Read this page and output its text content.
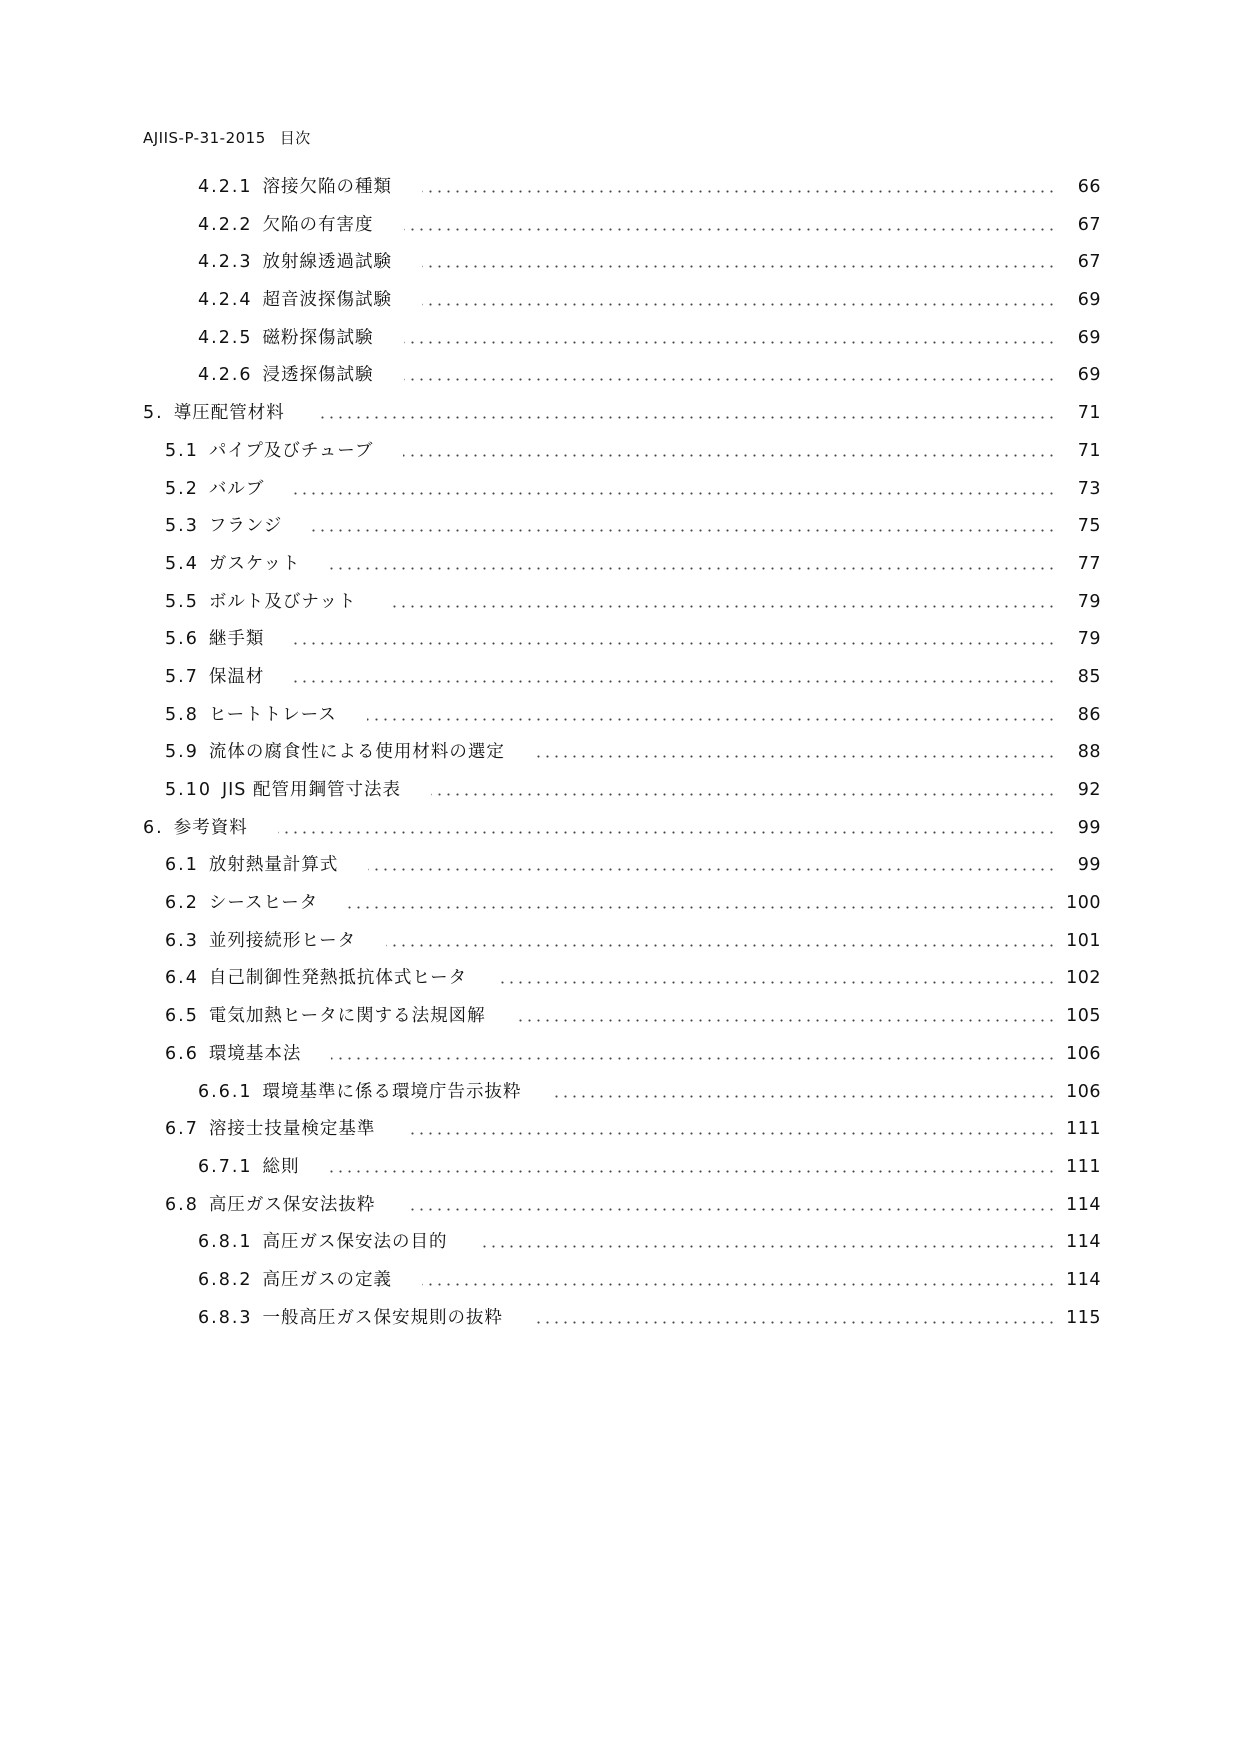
AJIIS-P-31-2015 目次
4.2.1 溶接欠陥の種類	66
4.2.2 欠陥の有害度	67
4.2.3 放射線透過試験	67
4.2.4 超音波探傷試験	69
4.2.5 磁粉探傷試験	69
4.2.6 浸透探傷試験	69
5. 導圧配管材料	71
5.1 パイプ及びチューブ	71
5.2 バルブ	73
5.3 フランジ	75
5.4 ガスケット	77
5.5 ボルト及びナット	79
5.6 継手類	79
5.7 保温材	85
5.8 ヒートトレース	86
5.9 流体の腐食性による使用材料の選定	88
5.10 JIS 配管用鋼管寸法表	92
6. 参考資料	99
6.1 放射熱量計算式	99
6.2 シースヒータ	100
6.3 並列接続形ヒータ	101
6.4 自己制御性発熱抵抗体式ヒータ	102
6.5 電気加熱ヒータに関する法規図解	105
6.6 環境基本法	106
6.6.1 環境基準に係る環境庁告示抜粋	106
6.7 溶接士技量検定基準	111
6.7.1 総則	111
6.8 高圧ガス保安法抜粋	114
6.8.1 高圧ガス保安法の目的	114
6.8.2 高圧ガスの定義	114
6.8.3 一般高圧ガス保安規則の抜粋	115
